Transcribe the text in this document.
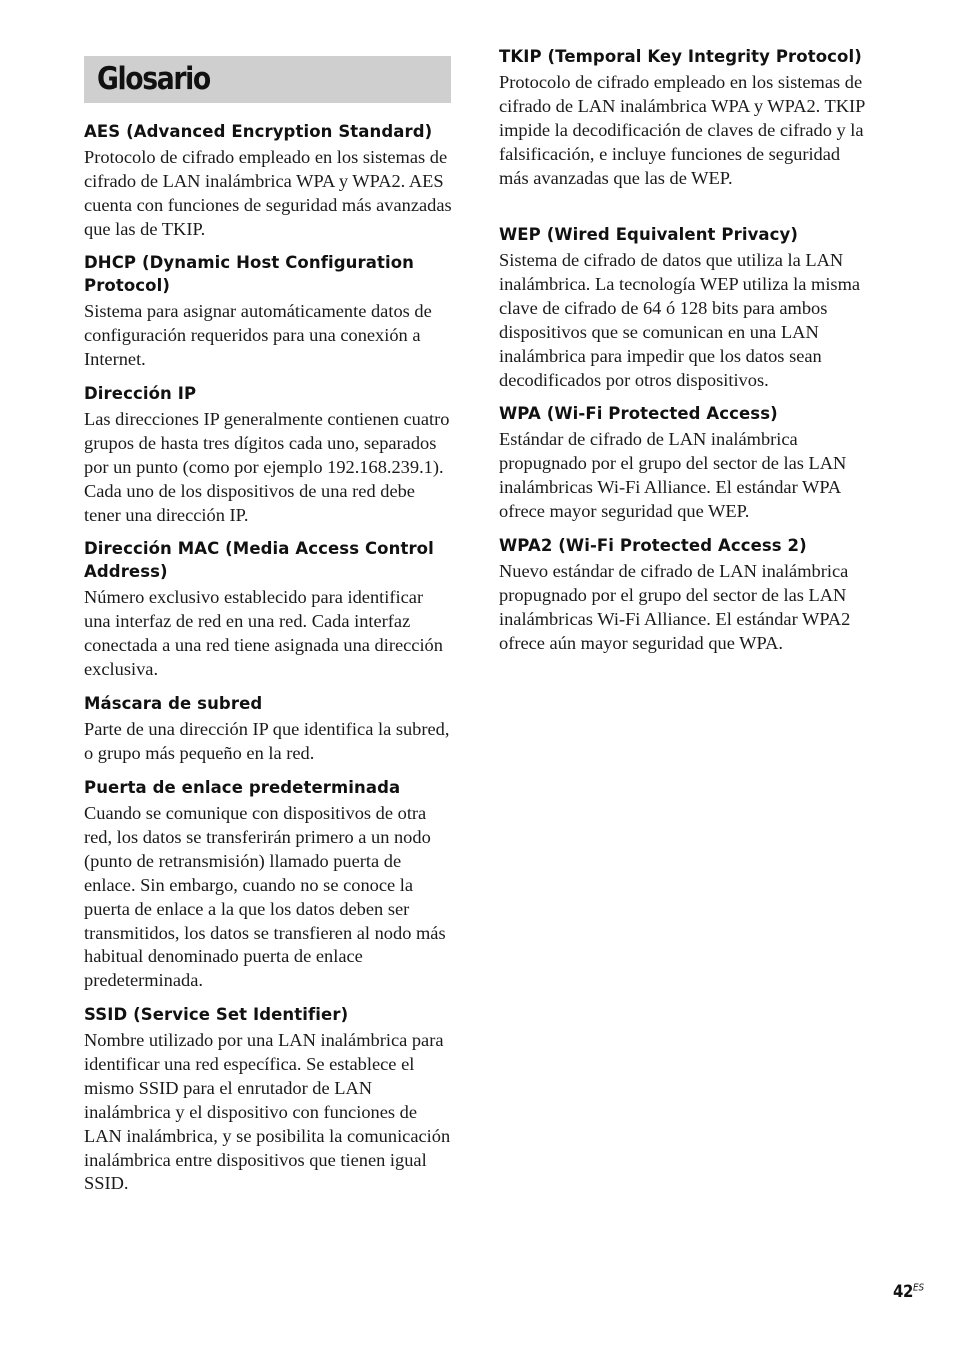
Glosario

AES (Advanced Encryption Standard)

Protocolo de cifrado empleado en los sistemas de cifrado de LAN inalámbrica WPA y WPA2. AES cuenta con funciones de seguridad más avanzadas que las de TKIP.

DHCP (Dynamic Host Configuration Protocol)

Sistema para asignar automáticamente datos de configuración requeridos para una conexión a Internet.

Dirección IP

Las direcciones IP generalmente contienen cuatro grupos de hasta tres dígitos cada uno, separados por un punto (como por ejemplo 192.168.239.1). Cada uno de los dispositivos de una red debe tener una dirección IP.

Dirección MAC (Media Access Control Address)

Número exclusivo establecido para identificar una interfaz de red en una red. Cada interfaz conectada a una red tiene asignada una dirección exclusiva.

Máscara de subred

Parte de una dirección IP que identifica la subred, o grupo más pequeño en la red.

Puerta de enlace predeterminada

Cuando se comunique con dispositivos de otra red, los datos se transferirán primero a un nodo (punto de retransmisión) llamado puerta de enlace. Sin embargo, cuando no se conoce la puerta de enlace a la que los datos deben ser transmitidos, los datos se transfieren al nodo más habitual denominado puerta de enlace predeterminada.

SSID (Service Set Identifier)

Nombre utilizado por una LAN inalámbrica para identificar una red específica. Se establece el mismo SSID para el enrutador de LAN inalámbrica y el dispositivo con funciones de LAN inalámbrica, y se posibilita la comunicación inalámbrica entre dispositivos que tienen igual SSID.

TKIP (Temporal Key Integrity Protocol)

Protocolo de cifrado empleado en los sistemas de cifrado de LAN inalámbrica WPA y WPA2. TKIP impide la decodificación de claves de cifrado y la falsificación, e incluye funciones de seguridad más avanzadas que las de WEP.

WEP (Wired Equivalent Privacy)

Sistema de cifrado de datos que utiliza la LAN inalámbrica. La tecnología WEP utiliza la misma clave de cifrado de 64 ó 128 bits para ambos dispositivos que se comunican en una LAN inalámbrica para impedir que los datos sean decodificados por otros dispositivos.

WPA (Wi-Fi Protected Access)

Estándar de cifrado de LAN inalámbrica propugnado por el grupo del sector de las LAN inalámbricas Wi-Fi Alliance. El estándar WPA ofrece mayor seguridad que WEP.

WPA2 (Wi-Fi Protected Access 2)

Nuevo estándar de cifrado de LAN inalámbrica propugnado por el grupo del sector de las LAN inalámbricas Wi-Fi Alliance. El estándar WPA2 ofrece aún mayor seguridad que WPA.

$42^{ES}$
